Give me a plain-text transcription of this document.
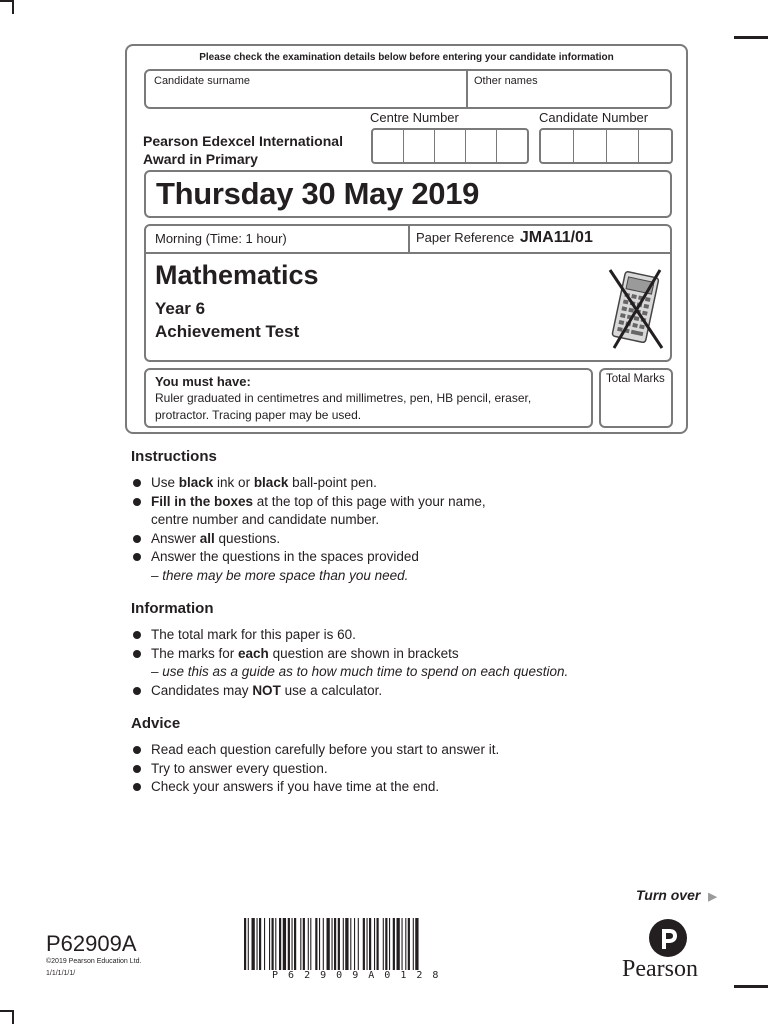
Please check the examination details below before entering your candidate information
Candidate surname	Other names
Centre Number	Candidate Number
Pearson Edexcel International
Award in Primary
Thursday 30 May 2019
Morning (Time: 1 hour)	Paper Reference JMA11/01
Mathematics
Year 6
Achievement Test
You must have:
Ruler graduated in centimetres and millimetres, pen, HB pencil, eraser,
protractor. Tracing paper may be used.
Total Marks
Instructions
Use black ink or black ball-point pen.
Fill in the boxes at the top of this page with your name,
centre number and candidate number.
Answer all questions.
Answer the questions in the spaces provided
– there may be more space than you need.
Information
The total mark for this paper is 60.
The marks for each question are shown in brackets
– use this as a guide as to how much time to spend on each question.
Candidates may NOT use a calculator.
Advice
Read each question carefully before you start to answer it.
Try to answer every question.
Check your answers if you have time at the end.
Turn over ▶
P62909A
©2019 Pearson Education Ltd.
1/1/1/1/1/	P 6 2 9 0 9 A 0 1 2 8	Pearson
